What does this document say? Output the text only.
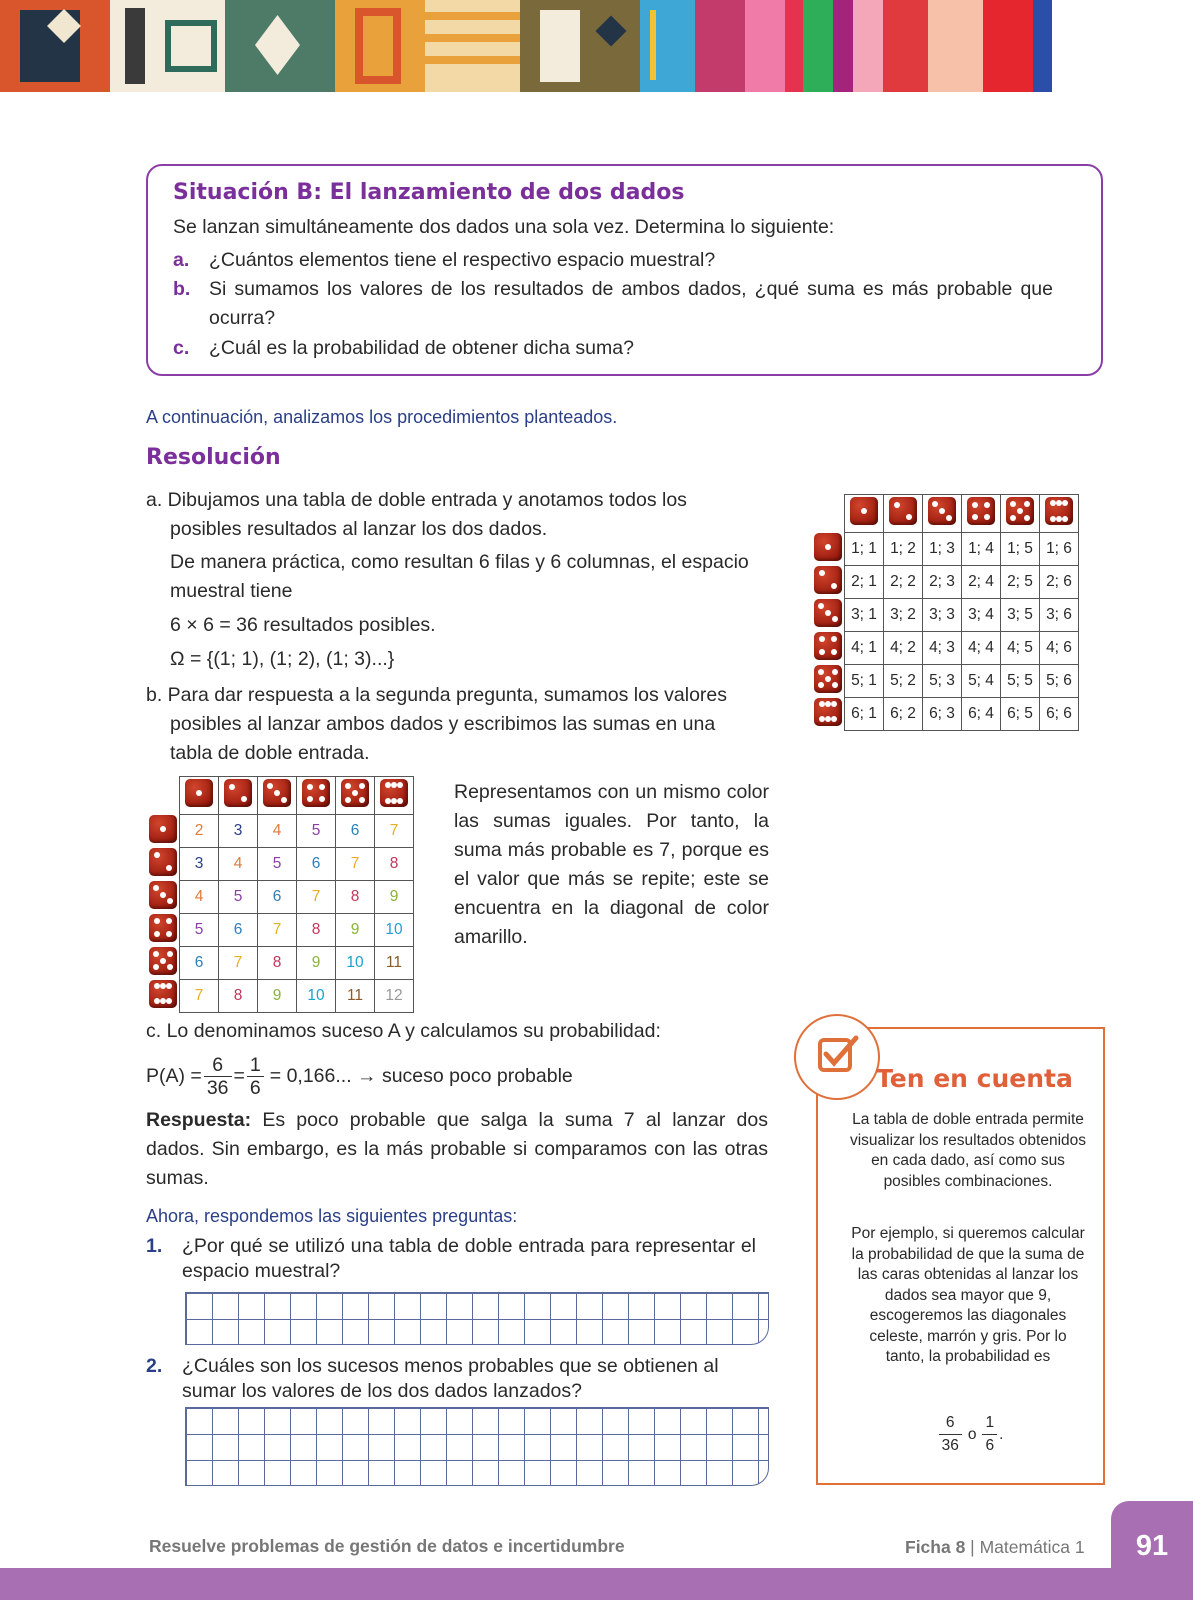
Situación B: El lanzamiento de dos dados
Se lanzan simultáneamente dos dados una sola vez. Determina lo siguiente:
a. ¿Cuántos elementos tiene el respectivo espacio muestral?
b. Si sumamos los valores de los resultados de ambos dados, ¿qué suma es más probable que ocurra?
c. ¿Cuál es la probabilidad de obtener dicha suma?
A continuación, analizamos los procedimientos planteados.
Resolución
a. Dibujamos una tabla de doble entrada y anotamos todos los posibles resultados al lanzar los dos dados.
De manera práctica, como resultan 6 filas y 6 columnas, el espacio muestral tiene
6 × 6 = 36 resultados posibles.
Ω = {(1; 1), (1; 2), (1; 3)...}
b. Para dar respuesta a la segunda pregunta, sumamos los valores posibles al lanzar ambos dados y escribimos las sumas en una tabla de doble entrada.

	1; 1	1; 2	1; 3	1; 4	1; 5	1; 6

	2; 1	2; 2	2; 3	2; 4	2; 5	2; 6

	3; 1	3; 2	3; 3	3; 4	3; 5	3; 6

	4; 1	4; 2	4; 3	4; 4	4; 5	4; 6

	5; 1	5; 2	5; 3	5; 4	5; 5	5; 6

	6; 1	6; 2	6; 3	6; 4	6; 5	6; 6

	2	3	4	5	6	7

	3	4	5	6	7	8

	4	5	6	7	8	9

	5	6	7	8	9	10

	6	7	8	9	10	11

	7	8	9	10	11	12
Representamos con un mismo color las sumas iguales. Por tanto, la suma más probable es 7, porque es el valor que más se repite; este se encuentra en la diagonal de color amarillo.
c. Lo denominamos suceso A y calculamos su probabilidad:
$P(A) = \frac{6}{36} = \frac{1}{6} = 0,166$... → suceso poco probable
Respuesta: Es poco probable que salga la suma 7 al lanzar dos dados. Sin embargo, es la más probable si comparamos con las otras sumas.
Ahora, respondemos las siguientes preguntas:
1. ¿Por qué se utilizó una tabla de doble entrada para representar el espacio muestral?
2. ¿Cuáles son los sucesos menos probables que se obtienen al sumar los valores de los dos dados lanzados?
Ten en cuenta
La tabla de doble entrada permite visualizar los resultados obtenidos en cada dado, así como sus posibles combinaciones.
Por ejemplo, si queremos calcular la probabilidad de que la suma de las caras obtenidas al lanzar los dados sea mayor que 9, escogeremos las diagonales celeste, marrón y gris. Por lo tanto, la probabilidad es
$\frac{6}{36}$ o $\frac{1}{6}$ .
91
Resuelve problemas de gestión de datos e incertidumbre	Ficha 8 | Matemática 1
